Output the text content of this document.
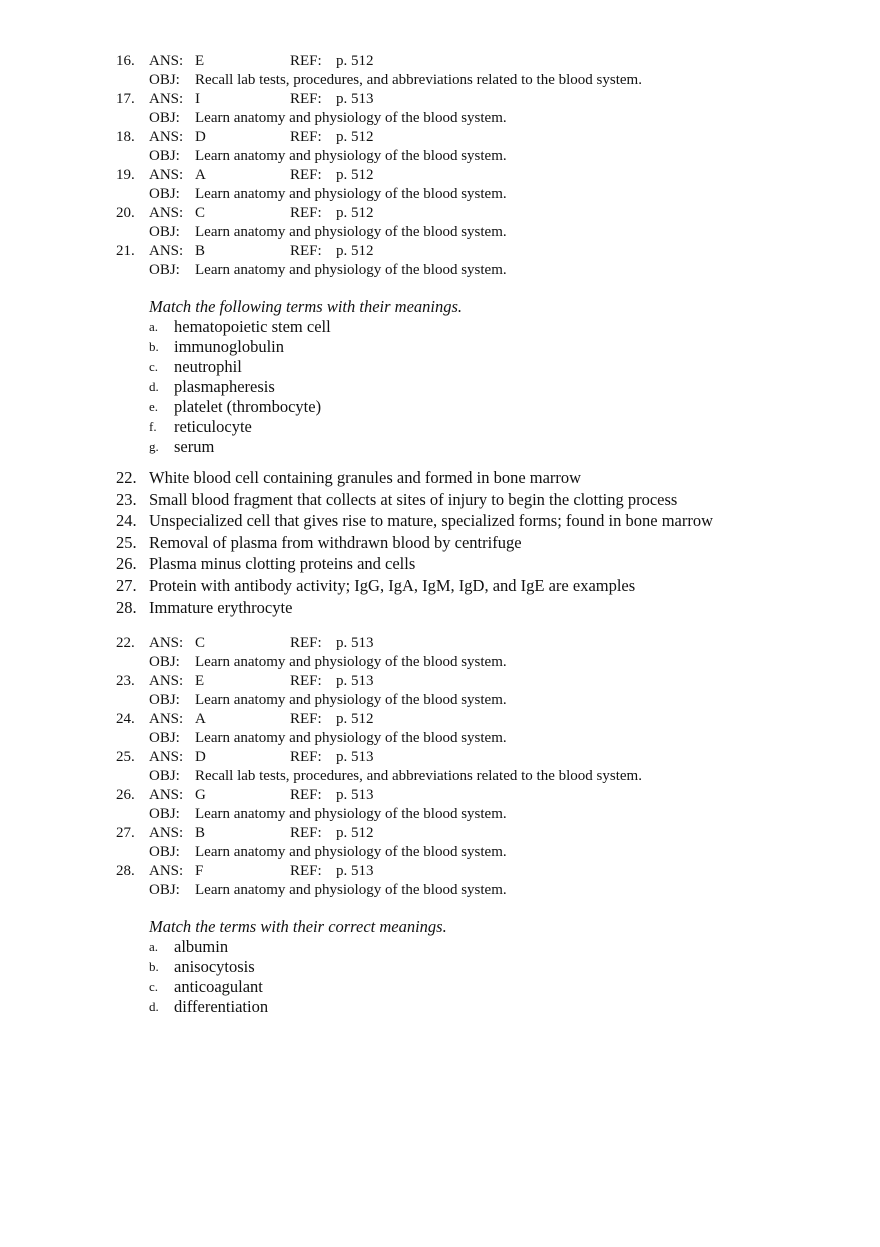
16. ANS: E	REF: p. 512
OBJ: Recall lab tests, procedures, and abbreviations related to the blood system.
17. ANS: I	REF: p. 513
OBJ: Learn anatomy and physiology of the blood system.
18. ANS: D	REF: p. 512
OBJ: Learn anatomy and physiology of the blood system.
19. ANS: A	REF: p. 512
OBJ: Learn anatomy and physiology of the blood system.
20. ANS: C	REF: p. 512
OBJ: Learn anatomy and physiology of the blood system.
21. ANS: B	REF: p. 512
OBJ: Learn anatomy and physiology of the blood system.
Match the following terms with their meanings.
a. hematopoietic stem cell
b. immunoglobulin
c. neutrophil
d. plasmapheresis
e. platelet (thrombocyte)
f. reticulocyte
g. serum
22. White blood cell containing granules and formed in bone marrow
23. Small blood fragment that collects at sites of injury to begin the clotting process
24. Unspecialized cell that gives rise to mature, specialized forms; found in bone marrow
25. Removal of plasma from withdrawn blood by centrifuge
26. Plasma minus clotting proteins and cells
27. Protein with antibody activity; IgG, IgA, IgM, IgD, and IgE are examples
28. Immature erythrocyte
22. ANS: C	REF: p. 513
OBJ: Learn anatomy and physiology of the blood system.
23. ANS: E	REF: p. 513
OBJ: Learn anatomy and physiology of the blood system.
24. ANS: A	REF: p. 512
OBJ: Learn anatomy and physiology of the blood system.
25. ANS: D	REF: p. 513
OBJ: Recall lab tests, procedures, and abbreviations related to the blood system.
26. ANS: G	REF: p. 513
OBJ: Learn anatomy and physiology of the blood system.
27. ANS: B	REF: p. 512
OBJ: Learn anatomy and physiology of the blood system.
28. ANS: F	REF: p. 513
OBJ: Learn anatomy and physiology of the blood system.
Match the terms with their correct meanings.
a. albumin
b. anisocytosis
c. anticoagulant
d. differentiation
